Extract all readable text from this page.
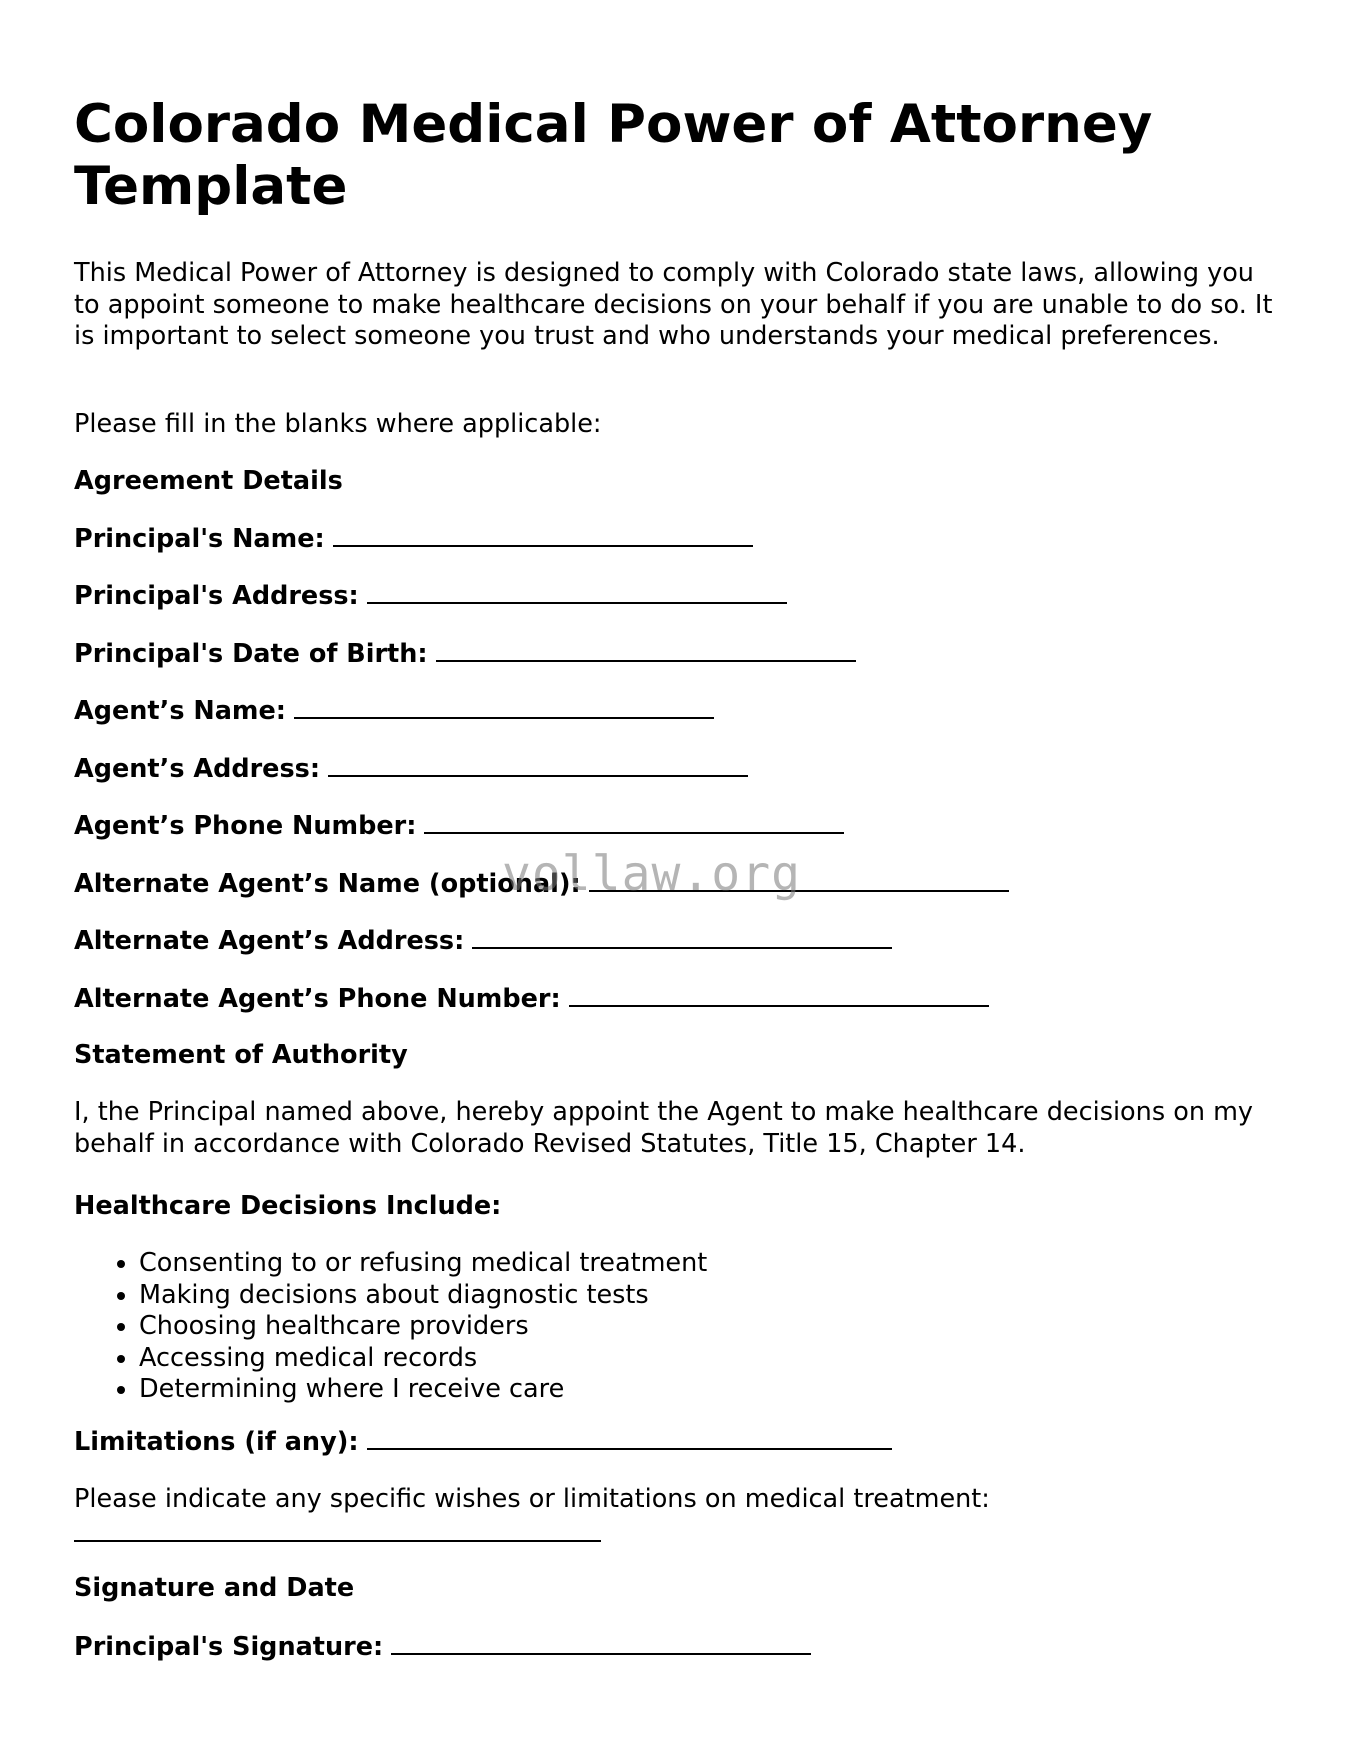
Colorado Medical Power of Attorney Template

This Medical Power of Attorney is designed to comply with Colorado state laws, allowing you to appoint someone to make healthcare decisions on your behalf if you are unable to do so. It is important to select someone you trust and who understands your medical preferences.

Please fill in the blanks where applicable:

Agreement Details

Principal's Name:

Principal's Address:

Principal's Date of Birth:

Agent’s Name:

Agent’s Address:

Agent’s Phone Number:

Alternate Agent’s Name (optional):

Alternate Agent’s Address:

Alternate Agent’s Phone Number:

Statement of Authority

I, the Principal named above, hereby appoint the Agent to make healthcare decisions on my behalf in accordance with Colorado Revised Statutes, Title 15, Chapter 14.

Healthcare Decisions Include:

• Consenting to or refusing medical treatment
• Making decisions about diagnostic tests
• Choosing healthcare providers
• Accessing medical records
• Determining where I receive care

Limitations (if any):

Please indicate any specific wishes or limitations on medical treatment:

Signature and Date

Principal's Signature:

vollaw.org
